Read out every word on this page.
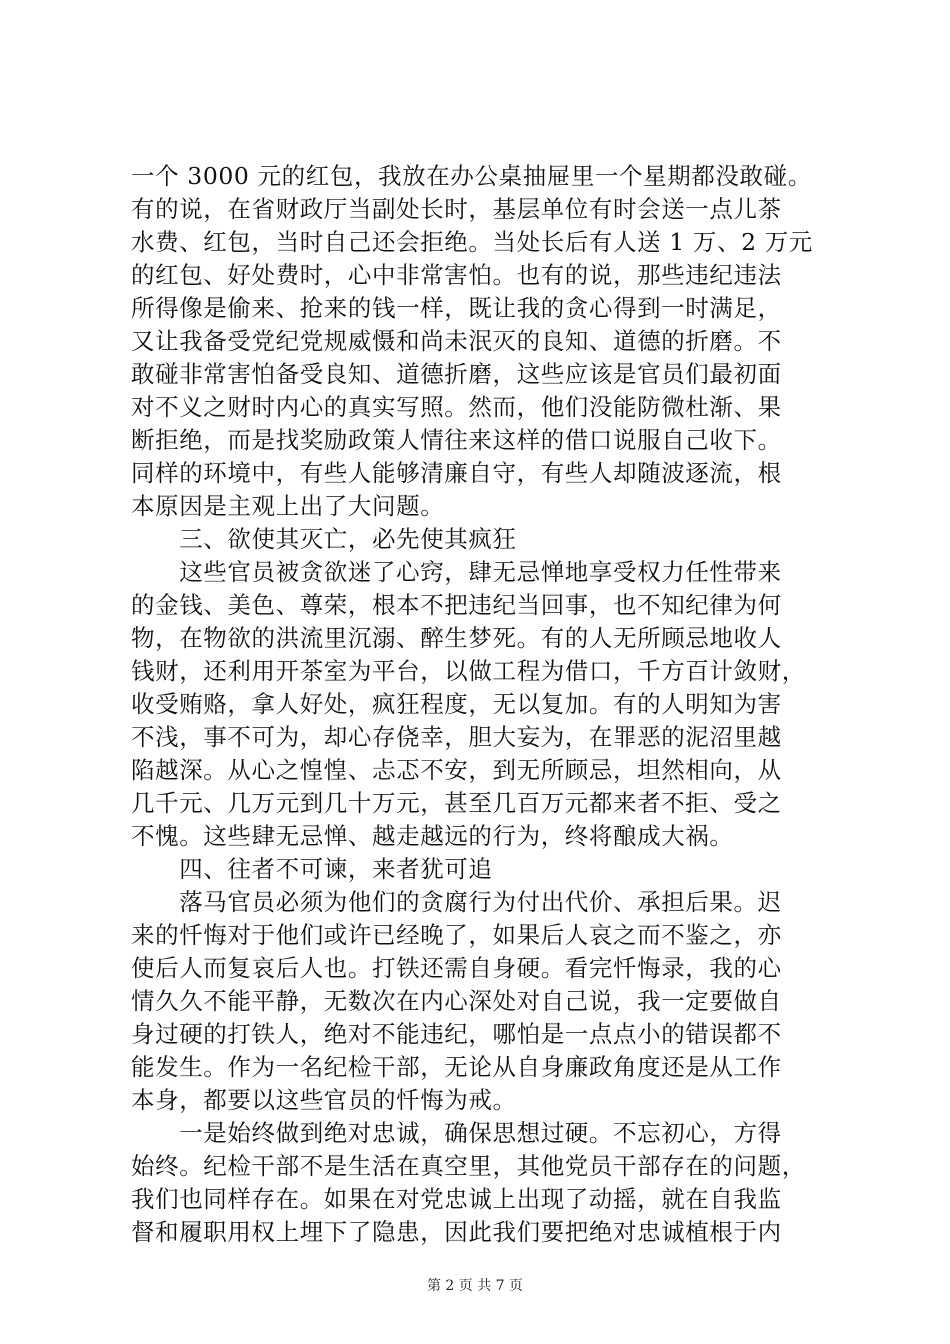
一个 3000 元的红包，我放在办公桌抽屉里一个星期都没敢碰。
有的说，在省财政厅当副处长时，基层单位有时会送一点儿茶
水费、红包，当时自己还会拒绝。当处长后有人送 1 万、2 万元
的红包、好处费时，心中非常害怕。也有的说，那些违纪违法
所得像是偷来、抢来的钱一样，既让我的贪心得到一时满足，
又让我备受党纪党规威慑和尚未泯灭的良知、道德的折磨。不
敢碰非常害怕备受良知、道德折磨，这些应该是官员们最初面
对不义之财时内心的真实写照。然而，他们没能防微杜渐、果
断拒绝，而是找奖励政策人情往来这样的借口说服自己收下。
同样的环境中，有些人能够清廉自守，有些人却随波逐流，根
本原因是主观上出了大问题。
　　三、欲使其灭亡，必先使其疯狂
　　这些官员被贪欲迷了心窍，肆无忌惮地享受权力任性带来
的金钱、美色、尊荣，根本不把违纪当回事，也不知纪律为何
物，在物欲的洪流里沉溺、醉生梦死。有的人无所顾忌地收人
钱财，还利用开茶室为平台，以做工程为借口，千方百计敛财，
收受贿赂，拿人好处，疯狂程度，无以复加。有的人明知为害
不浅，事不可为，却心存侥幸，胆大妄为，在罪恶的泥沼里越
陷越深。从心之惶惶、忐忑不安，到无所顾忌，坦然相向，从
几千元、几万元到几十万元，甚至几百万元都来者不拒、受之
不愧。这些肆无忌惮、越走越远的行为，终将酿成大祸。
　　四、往者不可谏，来者犹可追
　　落马官员必须为他们的贪腐行为付出代价、承担后果。迟
来的忏悔对于他们或许已经晚了，如果后人哀之而不鉴之，亦
使后人而复哀后人也。打铁还需自身硬。看完忏悔录，我的心
情久久不能平静，无数次在内心深处对自己说，我一定要做自
身过硬的打铁人，绝对不能违纪，哪怕是一点点小的错误都不
能发生。作为一名纪检干部，无论从自身廉政角度还是从工作
本身，都要以这些官员的忏悔为戒。
　　一是始终做到绝对忠诚，确保思想过硬。不忘初心，方得
始终。纪检干部不是生活在真空里，其他党员干部存在的问题，
我们也同样存在。如果在对党忠诚上出现了动摇，就在自我监
督和履职用权上埋下了隐患，因此我们要把绝对忠诚植根于内
第 2 页 共 7 页
